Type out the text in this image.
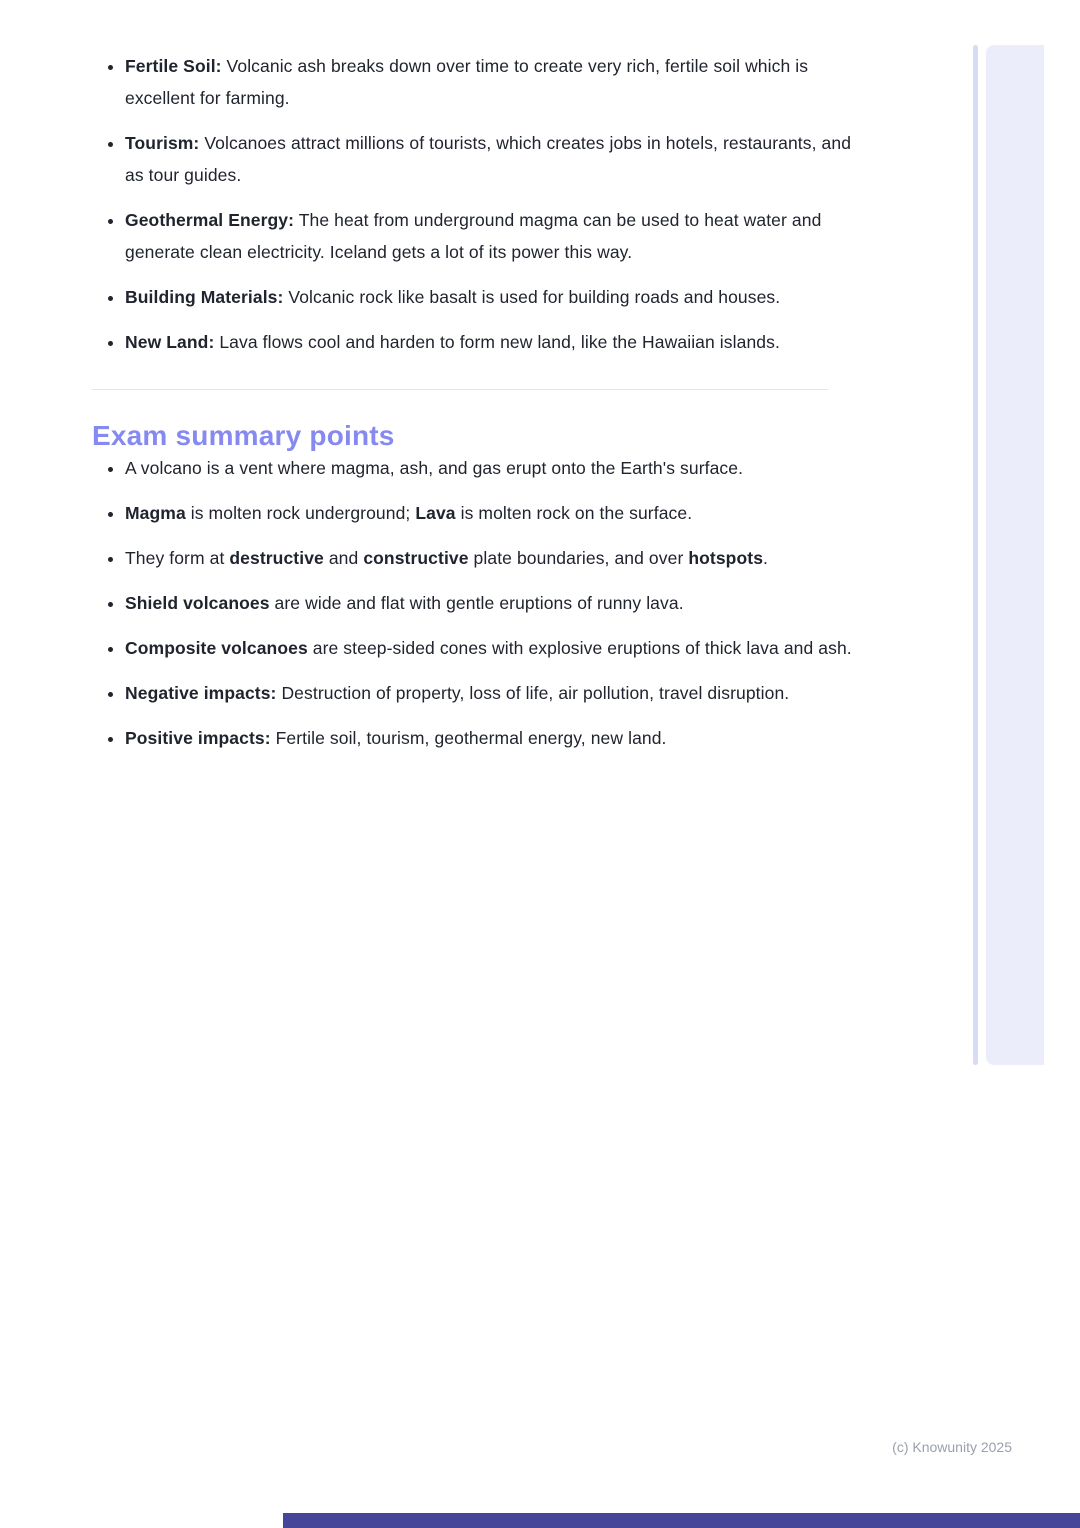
• Fertile Soil: Volcanic ash breaks down over time to create very rich, fertile soil which is excellent for farming.
• Tourism: Volcanoes attract millions of tourists, which creates jobs in hotels, restaurants, and as tour guides.
• Geothermal Energy: The heat from underground magma can be used to heat water and generate clean electricity. Iceland gets a lot of its power this way.
• Building Materials: Volcanic rock like basalt is used for building roads and houses.
• New Land: Lava flows cool and harden to form new land, like the Hawaiian islands.
Exam summary points
• A volcano is a vent where magma, ash, and gas erupt onto the Earth's surface.
• Magma is molten rock underground; Lava is molten rock on the surface.
• They form at destructive and constructive plate boundaries, and over hotspots.
• Shield volcanoes are wide and flat with gentle eruptions of runny lava.
• Composite volcanoes are steep-sided cones with explosive eruptions of thick lava and ash.
• Negative impacts: Destruction of property, loss of life, air pollution, travel disruption.
• Positive impacts: Fertile soil, tourism, geothermal energy, new land.
(c) Knowunity 2025
